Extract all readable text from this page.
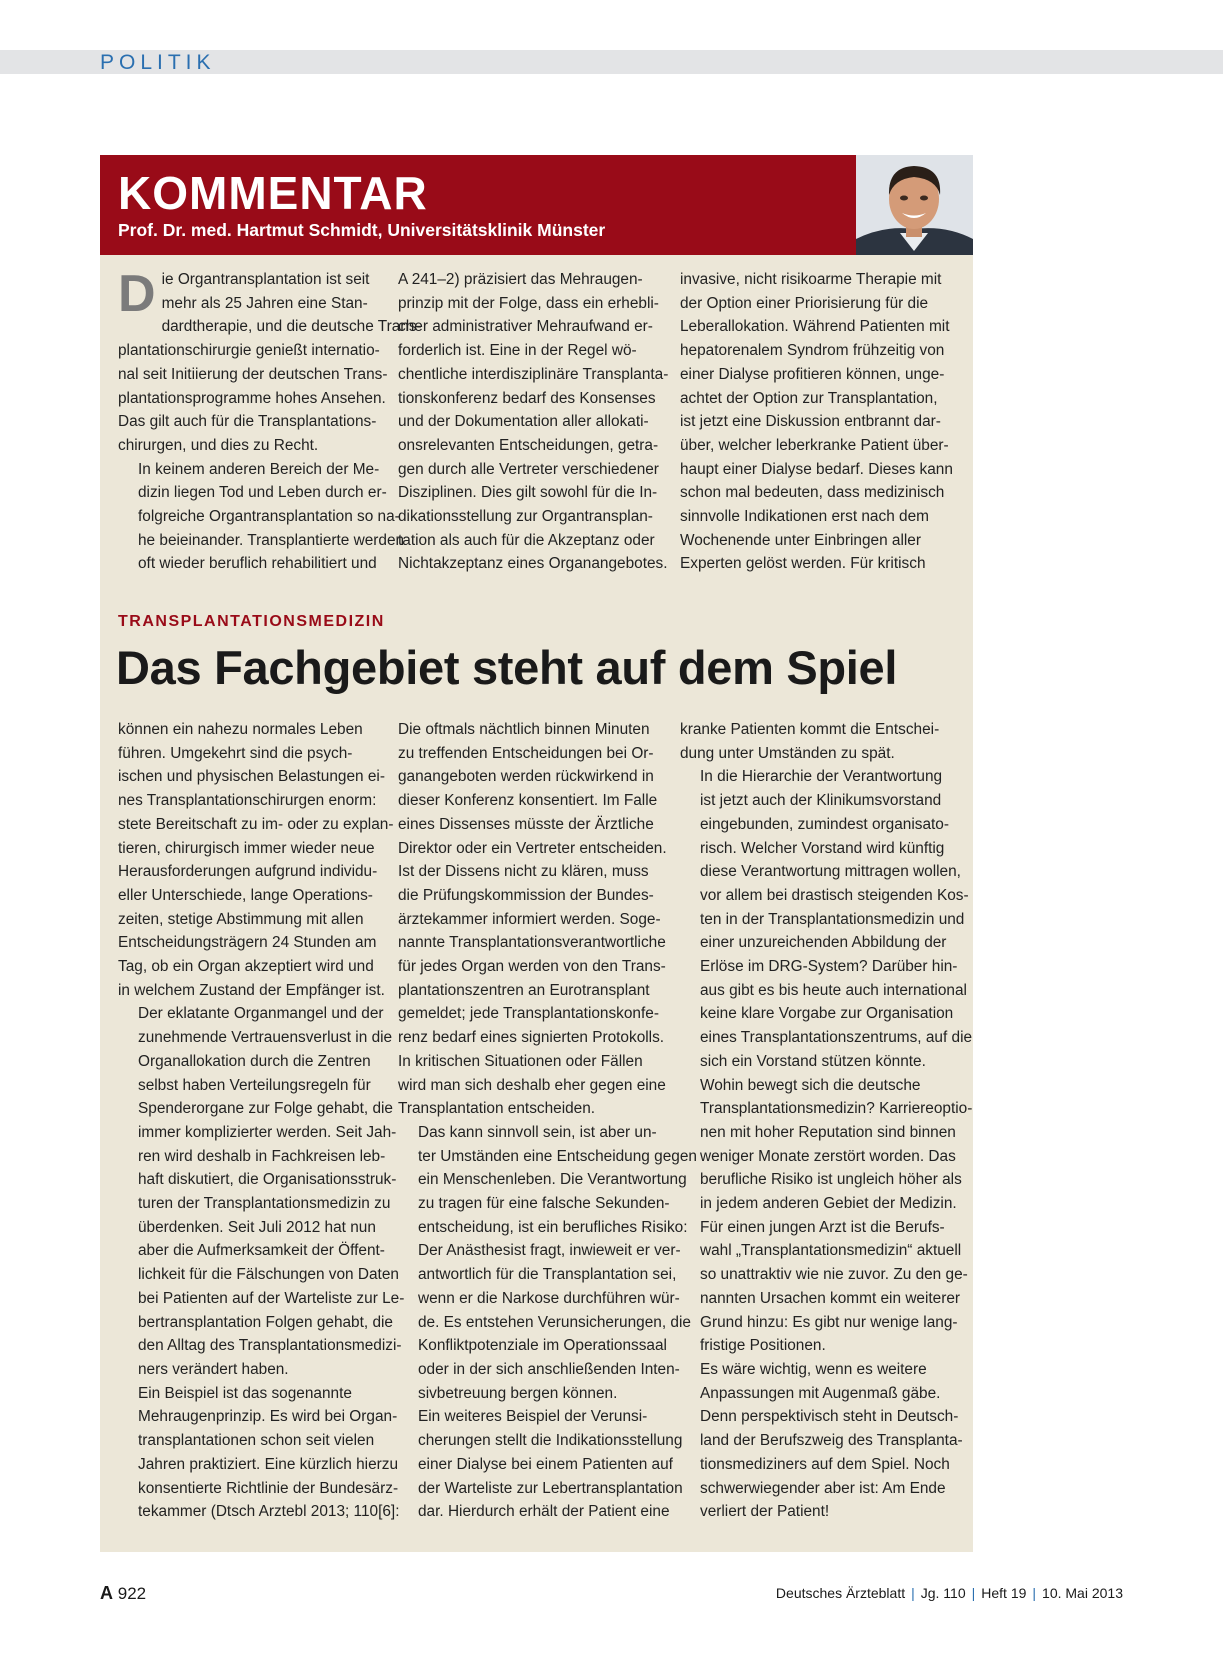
POLITIK
KOMMENTAR
Prof. Dr. med. Hartmut Schmidt, Universitätsklinik Münster

D ie Organtransplantation ist seit
mehr als 25 Jahren eine Stan-
dardtherapie, und die deutsche Trans-
plantationschirurgie genießt internatio-
nal seit Initiierung der deutschen Trans-
plantationsprogramme hohes Ansehen.
Das gilt auch für die Transplantations-
chirurgen, und dies zu Recht.

In keinem anderen Bereich der Me-
dizin liegen Tod und Leben durch er-
folgreiche Organtransplantation so na-
he beieinander. Transplantierte werden
oft wieder beruflich rehabilitiert und

A 241–2) präzisiert das Mehraugen-
prinzip mit der Folge, dass ein erhebli-
cher administrativer Mehraufwand er-
forderlich ist. Eine in der Regel wö-
chentliche interdisziplinäre Transplanta-
tionskonferenz bedarf des Konsenses
und der Dokumentation aller allokati-
onsrelevanten Entscheidungen, getra-
gen durch alle Vertreter verschiedener
Disziplinen. Dies gilt sowohl für die In-
dikationsstellung zur Organtransplan-
tation als auch für die Akzeptanz oder
Nichtakzeptanz eines Organangebotes.

invasive, nicht risikoarme Therapie mit
der Option einer Priorisierung für die
Leberallokation. Während Patienten mit
hepatorenalem Syndrom frühzeitig von
einer Dialyse profitieren können, unge-
achtet der Option zur Transplantation,
ist jetzt eine Diskussion entbrannt dar-
über, welcher leberkranke Patient über-
haupt einer Dialyse bedarf. Dieses kann
schon mal bedeuten, dass medizinisch
sinnvolle Indikationen erst nach dem
Wochenende unter Einbringen aller
Experten gelöst werden. Für kritisch

TRANSPLANTATIONSMEDIZIN
Das Fachgebiet steht auf dem Spiel

können ein nahezu normales Leben
führen. Umgekehrt sind die psych-
ischen und physischen Belastungen ei-
nes Transplantationschirurgen enorm:
stete Bereitschaft zu im- oder zu explan-
tieren, chirurgisch immer wieder neue
Herausforderungen aufgrund individu-
eller Unterschiede, lange Operations-
zeiten, stetige Abstimmung mit allen
Entscheidungsträgern 24 Stunden am
Tag, ob ein Organ akzeptiert wird und
in welchem Zustand der Empfänger ist.

Der eklatante Organmangel und der
zunehmende Vertrauensverlust in die
Organallokation durch die Zentren
selbst haben Verteilungsregeln für
Spenderorgane zur Folge gehabt, die
immer komplizierter werden. Seit Jah-
ren wird deshalb in Fachkreisen leb-
haft diskutiert, die Organisationsstruk-
turen der Transplantationsmedizin zu
überdenken. Seit Juli 2012 hat nun
aber die Aufmerksamkeit der Öffent-
lichkeit für die Fälschungen von Daten
bei Patienten auf der Warteliste zur Le-
bertransplantation Folgen gehabt, die
den Alltag des Transplantationsmedizi-
ners verändert haben.

Ein Beispiel ist das sogenannte
Mehraugenprinzip. Es wird bei Organ-
transplantationen schon seit vielen
Jahren praktiziert. Eine kürzlich hierzu
konsentierte Richtlinie der Bundesärz-
tekammer (Dtsch Arztebl 2013; 110[6]:

Die oftmals nächtlich binnen Minuten
zu treffenden Entscheidungen bei Or-
ganangeboten werden rückwirkend in
dieser Konferenz konsentiert. Im Falle
eines Dissenses müsste der Ärztliche
Direktor oder ein Vertreter entscheiden.
Ist der Dissens nicht zu klären, muss
die Prüfungskommission der Bundes-
ärztekammer informiert werden. Soge-
nannte Transplantationsverantwortliche
für jedes Organ werden von den Trans-
plantationszentren an Eurotransplant
gemeldet; jede Transplantationskonfe-
renz bedarf eines signierten Protokolls.
In kritischen Situationen oder Fällen
wird man sich deshalb eher gegen eine
Transplantation entscheiden.

Das kann sinnvoll sein, ist aber un-
ter Umständen eine Entscheidung gegen
ein Menschenleben. Die Verantwortung
zu tragen für eine falsche Sekunden-
entscheidung, ist ein berufliches Risiko:
Der Anästhesist fragt, inwieweit er ver-
antwortlich für die Transplantation sei,
wenn er die Narkose durchführen wür-
de. Es entstehen Verunsicherungen, die
Konfliktpotenziale im Operationssaal
oder in der sich anschließenden Inten-
sivbetreuung bergen können.

Ein weiteres Beispiel der Verunsi-
cherungen stellt die Indikationsstellung
einer Dialyse bei einem Patienten auf
der Warteliste zur Lebertransplantation
dar. Hierdurch erhält der Patient eine

kranke Patienten kommt die Entschei-
dung unter Umständen zu spät.

In die Hierarchie der Verantwortung
ist jetzt auch der Klinikumsvorstand
eingebunden, zumindest organisato-
risch. Welcher Vorstand wird künftig
diese Verantwortung mittragen wollen,
vor allem bei drastisch steigenden Kos-
ten in der Transplantationsmedizin und
einer unzureichenden Abbildung der
Erlöse im DRG-System? Darüber hin-
aus gibt es bis heute auch international
keine klare Vorgabe zur Organisation
eines Transplantationszentrums, auf die
sich ein Vorstand stützen könnte.

Wohin bewegt sich die deutsche
Transplantationsmedizin? Karriereoptio-
nen mit hoher Reputation sind binnen
weniger Monate zerstört worden. Das
berufliche Risiko ist ungleich höher als
in jedem anderen Gebiet der Medizin.
Für einen jungen Arzt ist die Berufs-
wahl „Transplantationsmedizin“ aktuell
so unattraktiv wie nie zuvor. Zu den ge-
nannten Ursachen kommt ein weiterer
Grund hinzu: Es gibt nur wenige lang-
fristige Positionen.

Es wäre wichtig, wenn es weitere
Anpassungen mit Augenmaß gäbe.
Denn perspektivisch steht in Deutsch-
land der Berufszweig des Transplanta-
tionsmediziners auf dem Spiel. Noch
schwerwiegender aber ist: Am Ende
verliert der Patient!

A 922	Deutsches Ärzteblatt | Jg. 110 | Heft 19 | 10. Mai 2013
